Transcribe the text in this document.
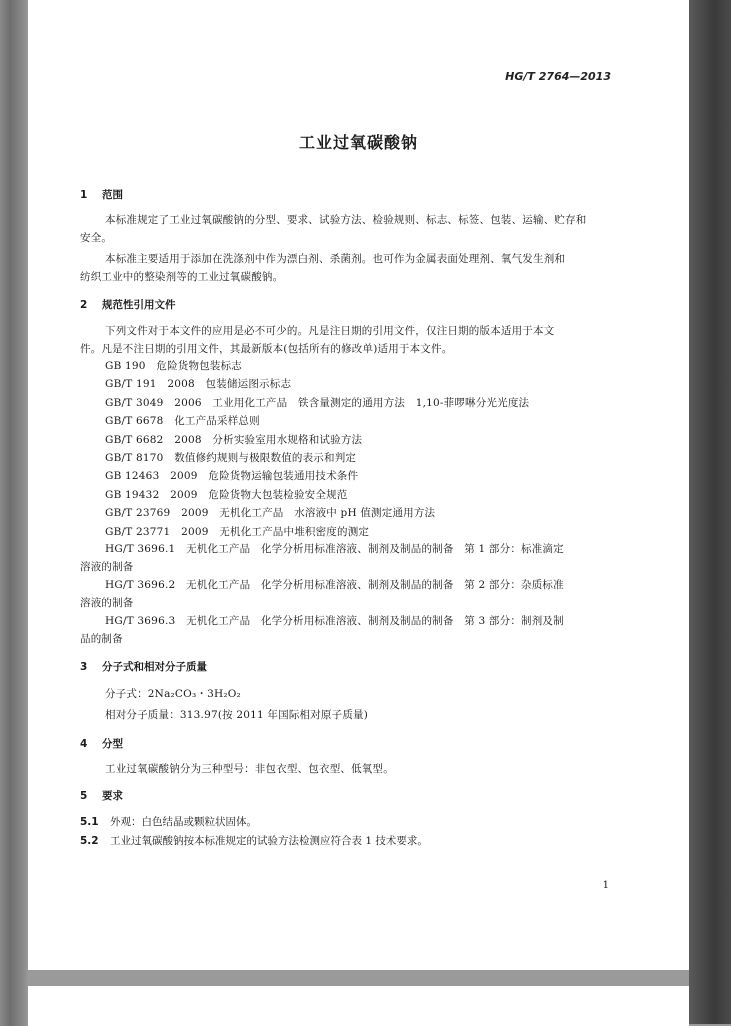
HG/T 2764—2013
工业过氧碳酸钠
1 范围
本标准规定了工业过氧碳酸钠的分型、要求、试验方法、检验规则、标志、标签、包装、运输、贮存和
安全。
本标准主要适用于添加在洗涤剂中作为漂白剂、杀菌剂。也可作为金属表面处理剂、氧气发生剂和
纺织工业中的整染剂等的工业过氧碳酸钠。
2 规范性引用文件
下列文件对于本文件的应用是必不可少的。凡是注日期的引用文件，仅注日期的版本适用于本文
件。凡是不注日期的引用文件，其最新版本(包括所有的修改单)适用于本文件。
GB 190　危险货物包装标志
GB/T 191　2008　包装储运图示标志
GB/T 3049　2006　工业用化工产品　铁含量测定的通用方法　1,10-菲啰啉分光光度法
GB/T 6678　化工产品采样总则
GB/T 6682　2008　分析实验室用水规格和试验方法
GB/T 8170　数值修约规则与极限数值的表示和判定
GB 12463　2009　危险货物运输包装通用技术条件
GB 19432　2009　危险货物大包装检验安全规范
GB/T 23769　2009　无机化工产品　水溶液中 pH 值测定通用方法
GB/T 23771　2009　无机化工产品中堆积密度的测定
HG/T 3696.1　无机化工产品　化学分析用标准溶液、制剂及制品的制备　第 1 部分：标准滴定
溶液的制备
HG/T 3696.2　无机化工产品　化学分析用标准溶液、制剂及制品的制备　第 2 部分：杂质标准
溶液的制备
HG/T 3696.3　无机化工产品　化学分析用标准溶液、制剂及制品的制备　第 3 部分：制剂及制
品的制备
3 分子式和相对分子质量
分子式：2Na₂CO₃・3H₂O₂
相对分子质量：313.97(按 2011 年国际相对原子质量)
4 分型
工业过氧碳酸钠分为三种型号：非包衣型、包衣型、低氧型。
5 要求
5.1 外观：白色结晶或颗粒状固体。
5.2 工业过氧碳酸钠按本标准规定的试验方法检测应符合表 1 技术要求。
1
